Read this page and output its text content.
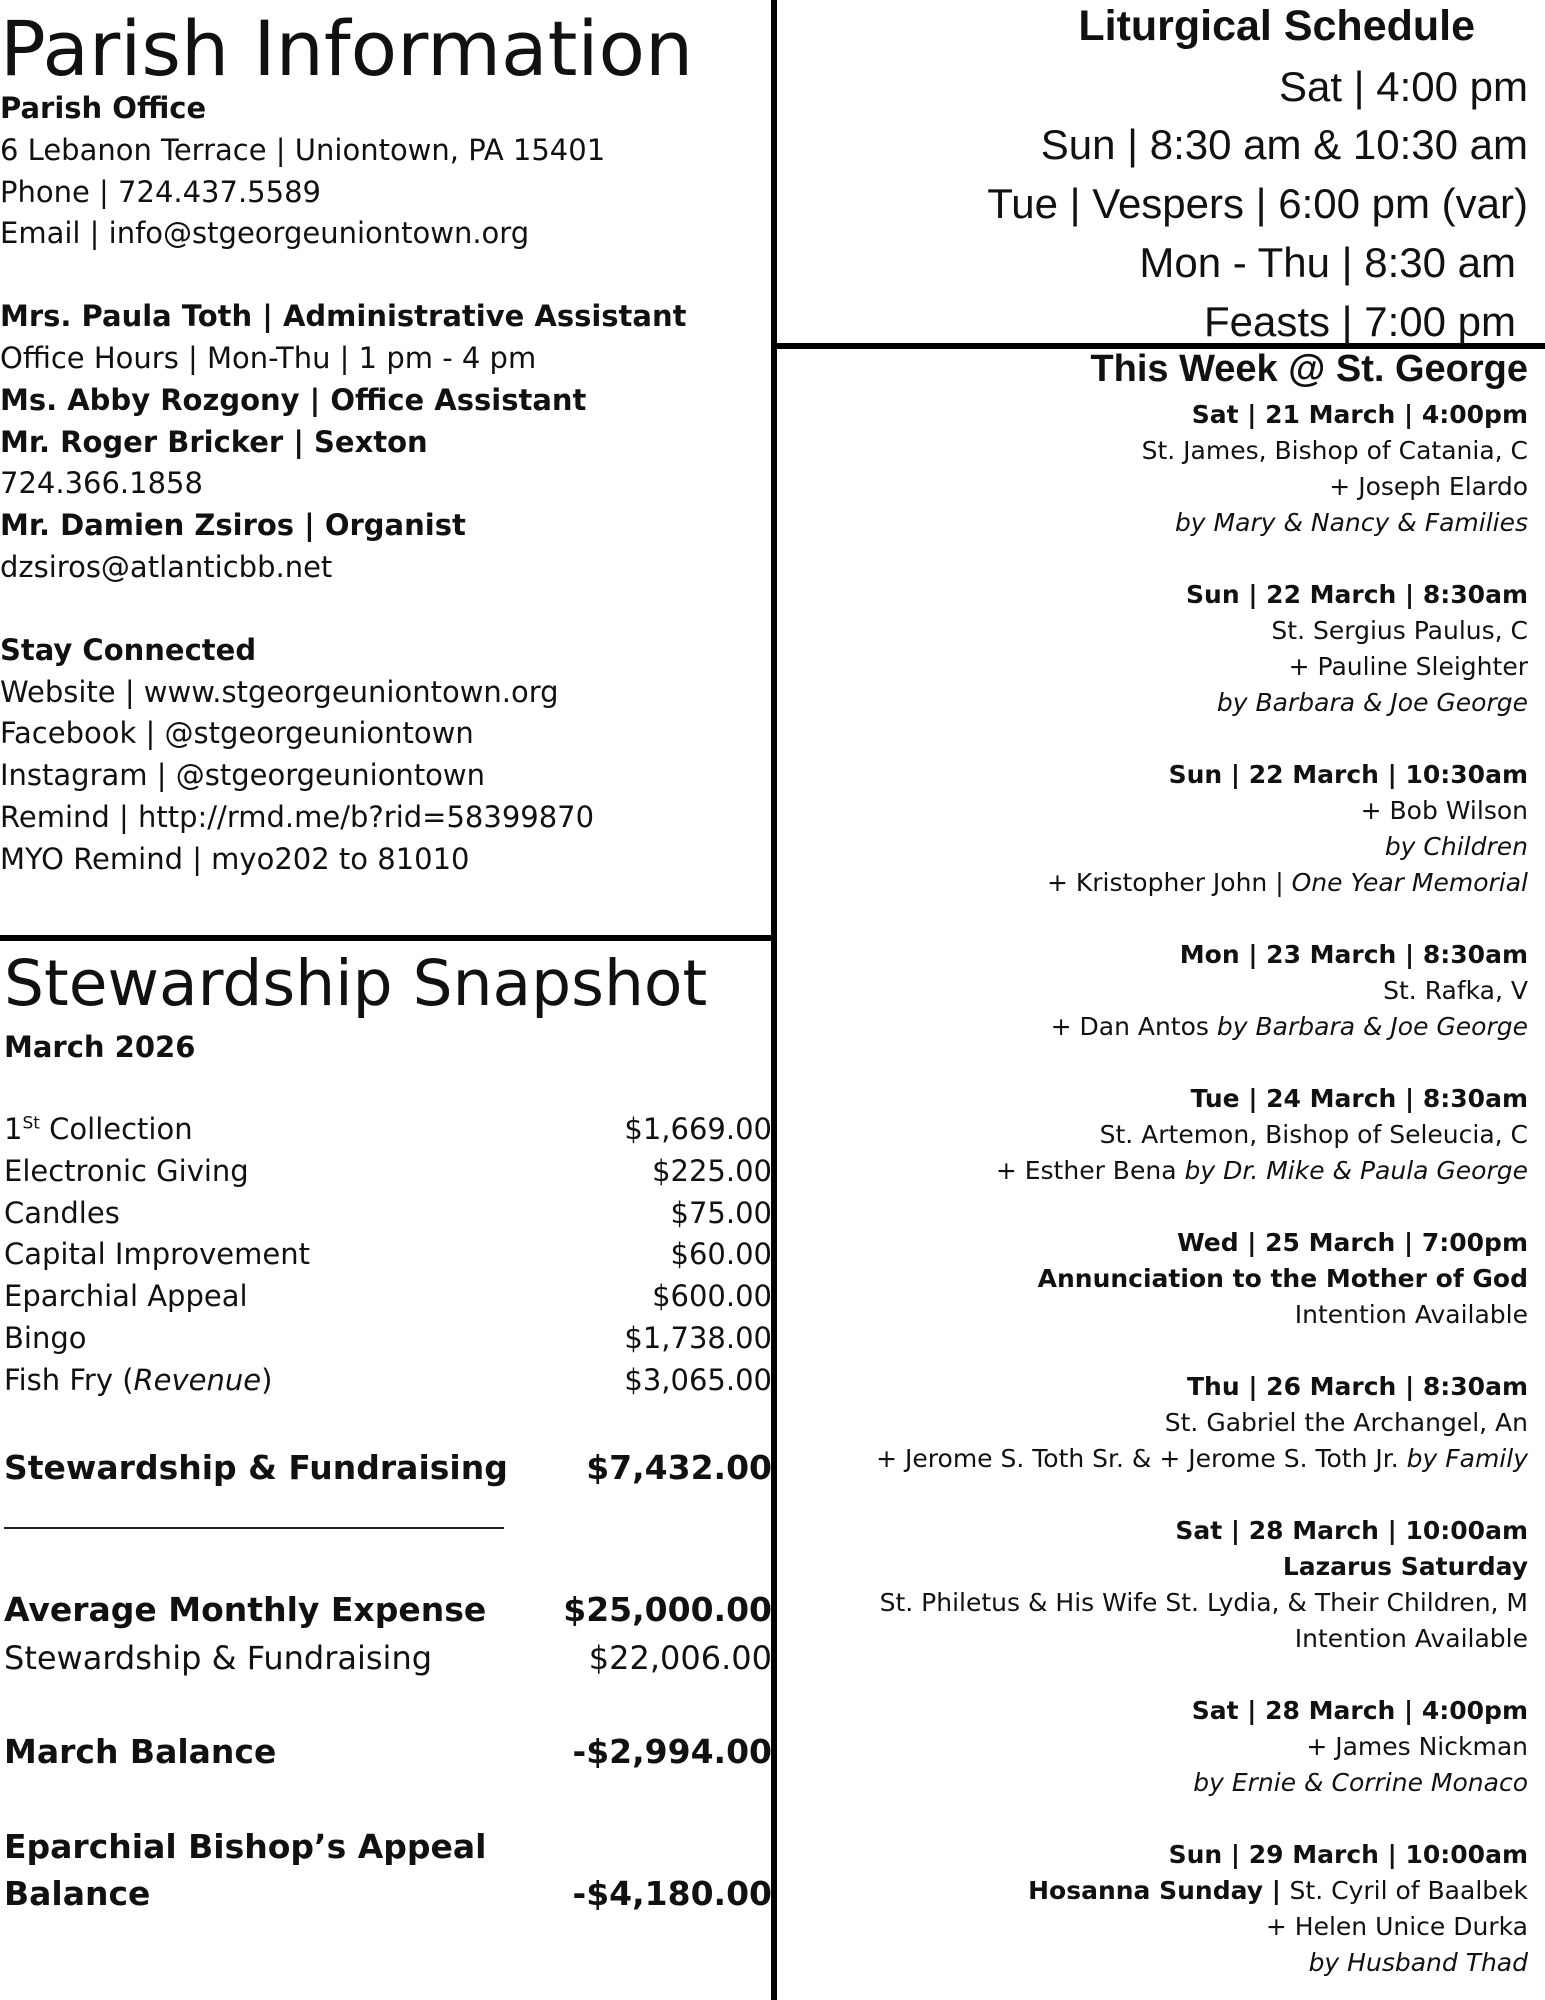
Parish Information
Parish Office
6 Lebanon Terrace | Uniontown, PA 15401
Phone | 724.437.5589
Email | info@stgeorgeuniontown.org
Mrs. Paula Toth | Administrative Assistant
Office Hours | Mon-Thu | 1 pm - 4 pm
Ms. Abby Rozgony | Office Assistant
Mr. Roger Bricker | Sexton
724.366.1858
Mr. Damien Zsiros | Organist
dzsiros@atlanticbb.net
Stay Connected
Website | www.stgeorgeuniontown.org
Facebook | @stgeorgeuniontown
Instagram | @stgeorgeuniontown
Remind | http://rmd.me/b?rid=58399870
MYO Remind | myo202 to 81010
Stewardship Snapshot
March 2026
1St Collection	$1,669.00
Electronic Giving	$225.00
Candles	$75.00
Capital Improvement	$60.00
Eparchial Appeal	$600.00
Bingo	$1,738.00
Fish Fry (Revenue)	$3,065.00
Stewardship & Fundraising $7,432.00
Average Monthly Expense $25,000.00
Stewardship & Fundraising	$22,006.00
March Balance	-$2,994.00
Eparchial Bishop’s Appeal
Balance	-$4,180.00
Liturgical Schedule
Sat | 4:00 pm
Sun | 8:30 am & 10:30 am
Tue | Vespers | 6:00 pm (var)
Mon - Thu | 8:30 am
Feasts | 7:00 pm
This Week @ St. George
Sat | 21 March | 4:00pm
St. James, Bishop of Catania, C
+ Joseph Elardo
by Mary & Nancy & Families
Sun | 22 March | 8:30am
St. Sergius Paulus, C
+ Pauline Sleighter
by Barbara & Joe George
Sun | 22 March | 10:30am
+ Bob Wilson
by Children
+ Kristopher John | One Year Memorial
Mon | 23 March | 8:30am
St. Rafka, V
+ Dan Antos by Barbara & Joe George
Tue | 24 March | 8:30am
St. Artemon, Bishop of Seleucia, C
+ Esther Bena by Dr. Mike & Paula George
Wed | 25 March | 7:00pm
Annunciation to the Mother of God
Intention Available
Thu | 26 March | 8:30am
St. Gabriel the Archangel, An
+ Jerome S. Toth Sr. & + Jerome S. Toth Jr. by Family
Sat | 28 March | 10:00am
Lazarus Saturday
St. Philetus & His Wife St. Lydia, & Their Children, M
Intention Available
Sat | 28 March | 4:00pm
+ James Nickman
by Ernie & Corrine Monaco
Sun | 29 March | 10:00am
Hosanna Sunday | St. Cyril of Baalbek
+ Helen Unice Durka
by Husband Thad
